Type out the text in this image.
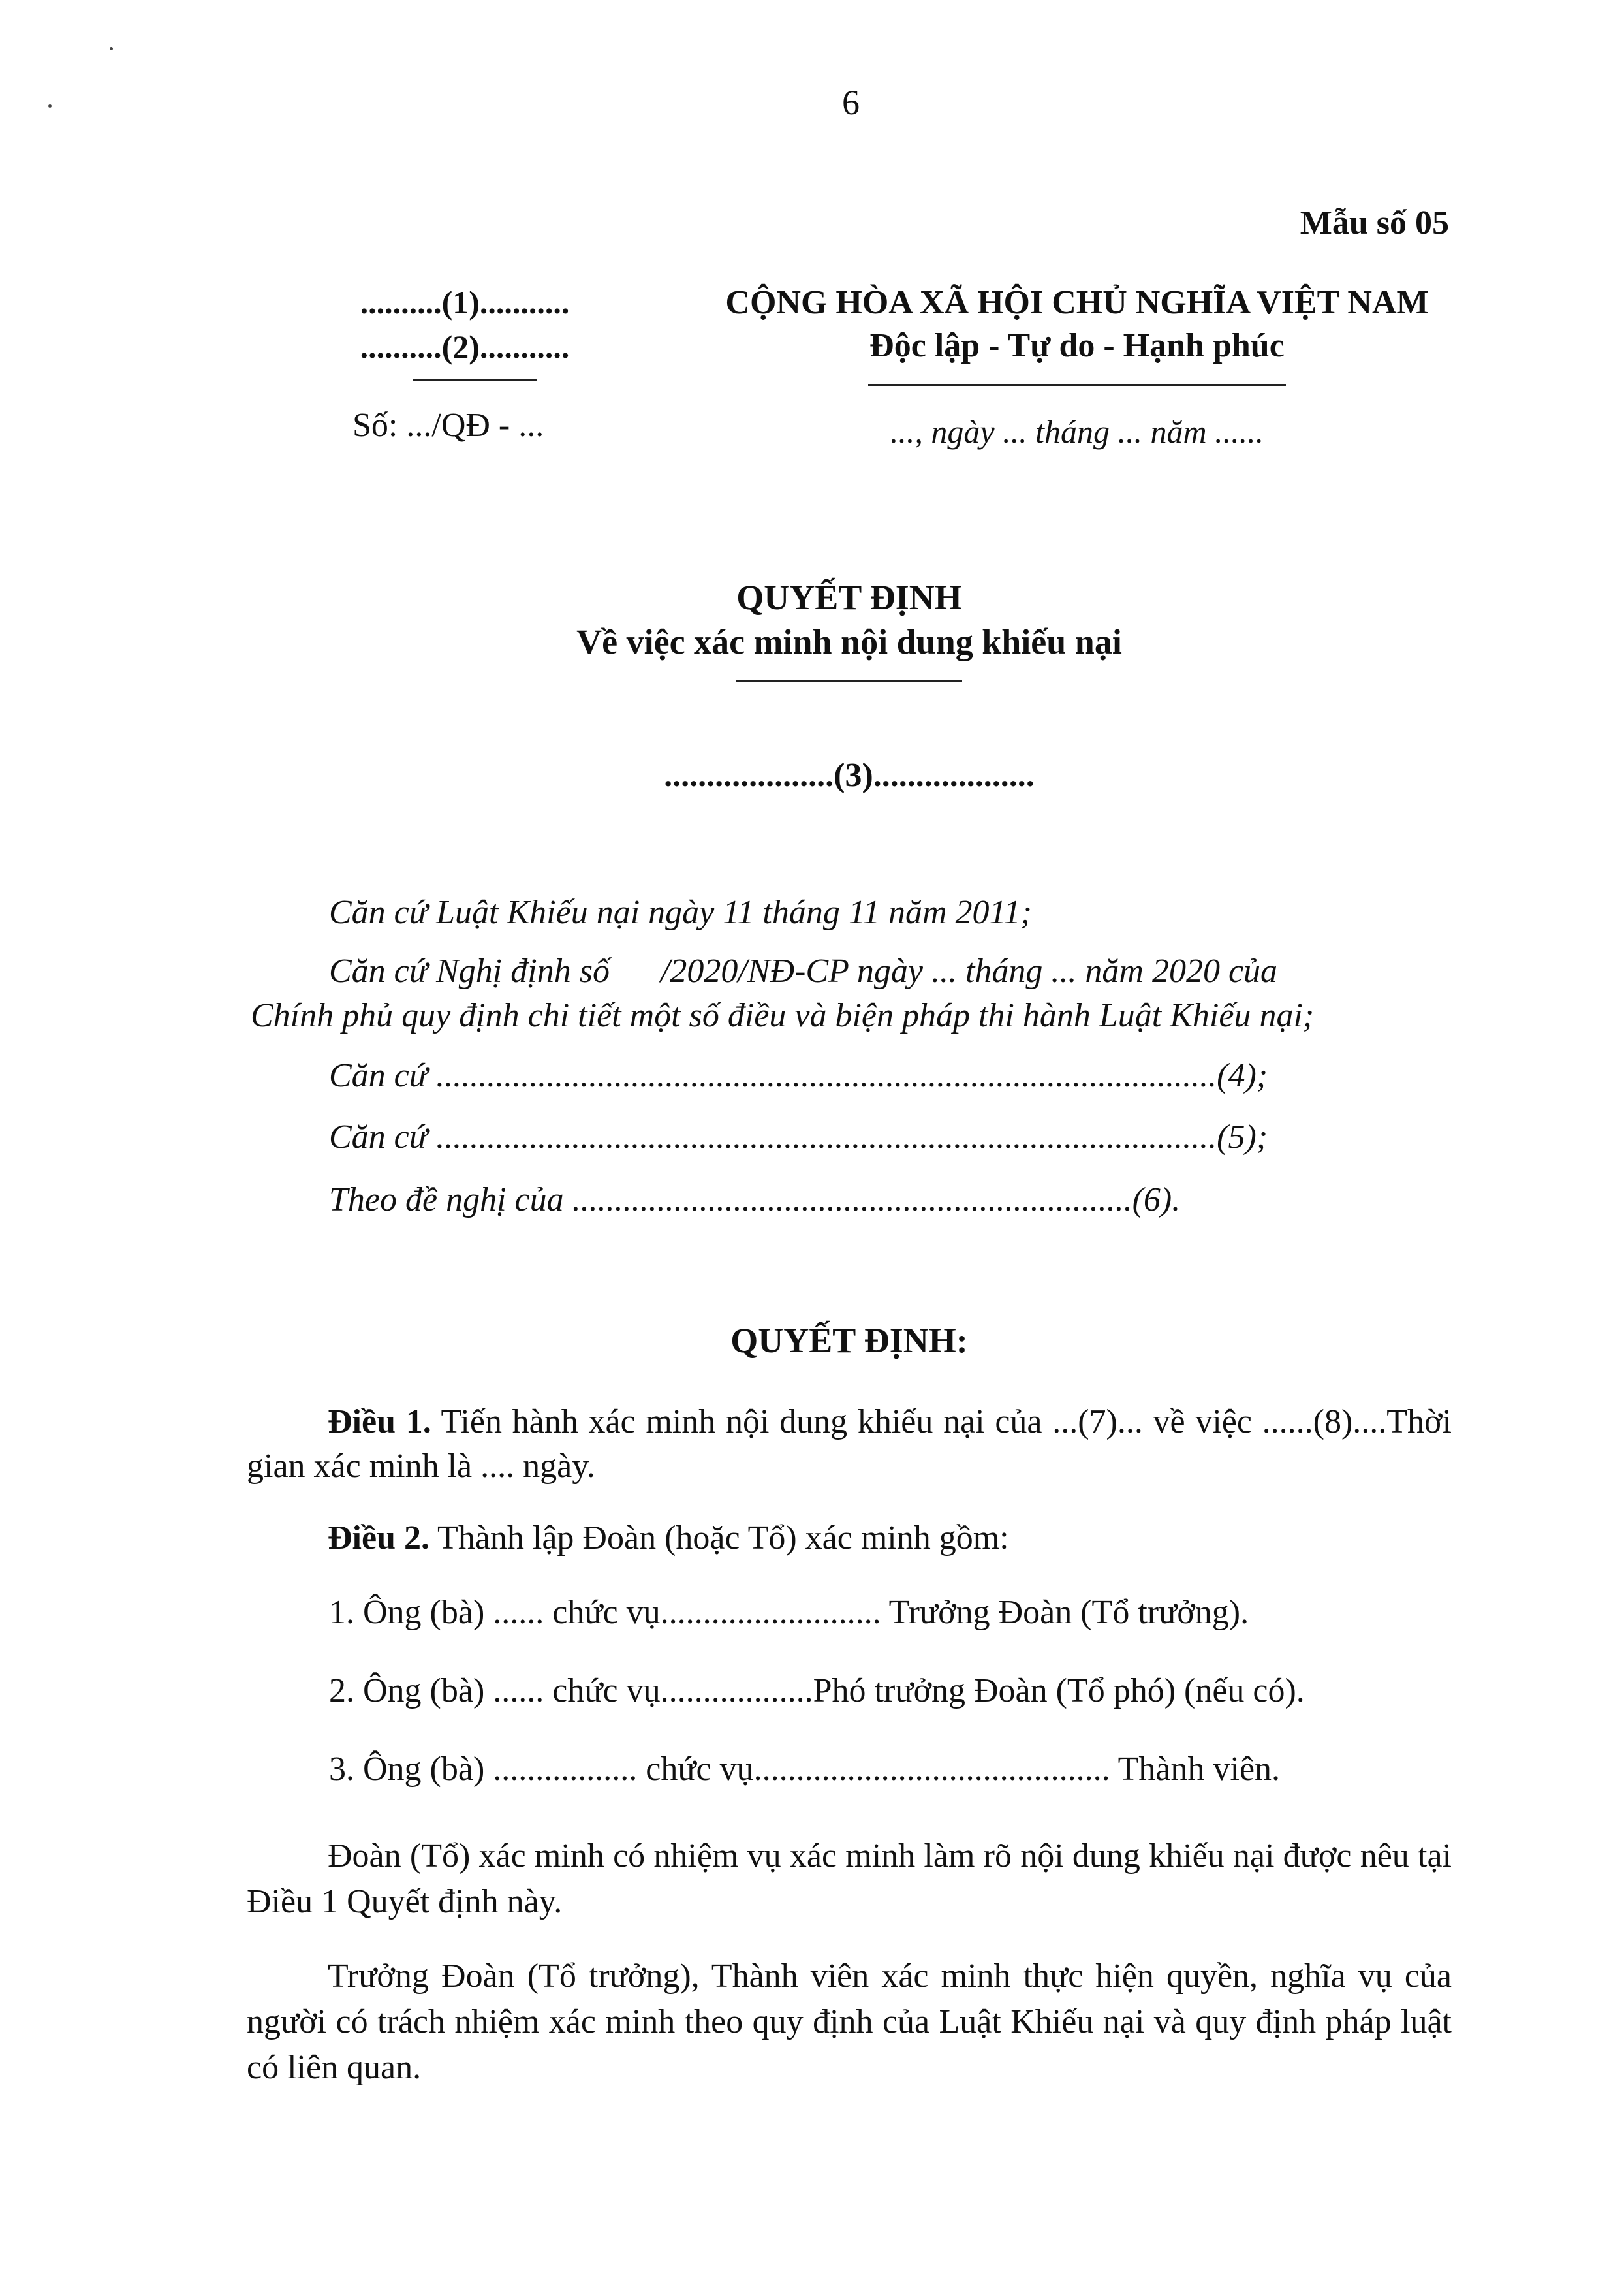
6
Mẫu số 05
..........(1)...........
..........(2)...........
Số: .../QĐ - ...
CỘNG HÒA XÃ HỘI CHỦ NGHĨA VIỆT NAM
Độc lập - Tự do - Hạnh phúc
..., ngày ... tháng ... năm ......
QUYẾT ĐỊNH
Về việc xác minh nội dung khiếu nại
....................(3)...................
Căn cứ Luật Khiếu nại ngày 11 tháng 11 năm 2011;
Căn cứ Nghị định số      /2020/NĐ-CP ngày ... tháng ... năm 2020 của
Chính phủ quy định chi tiết một số điều và biện pháp thi hành Luật Khiếu nại;
Căn cứ ............................................................................................(4);
Căn cứ ............................................................................................(5);
Theo đề nghị của ..................................................................(6).
QUYẾT ĐỊNH:
Điều 1. Tiến hành xác minh nội dung khiếu nại của ...(7)... về việc ......(8)....Thời gian xác minh là .... ngày.
Điều 2. Thành lập Đoàn (hoặc Tổ) xác minh gồm:
1. Ông (bà) ...... chức vụ.......................... Trưởng Đoàn (Tổ trưởng).
2. Ông (bà) ...... chức vụ..................Phó trưởng Đoàn (Tổ phó) (nếu có).
3. Ông (bà) ................. chức vụ.......................................... Thành viên.
Đoàn (Tổ) xác minh có nhiệm vụ xác minh làm rõ nội dung khiếu nại được nêu tại Điều 1 Quyết định này.
Trưởng Đoàn (Tổ trưởng), Thành viên xác minh thực hiện quyền, nghĩa vụ của người có trách nhiệm xác minh theo quy định của Luật Khiếu nại và quy định pháp luật có liên quan.
